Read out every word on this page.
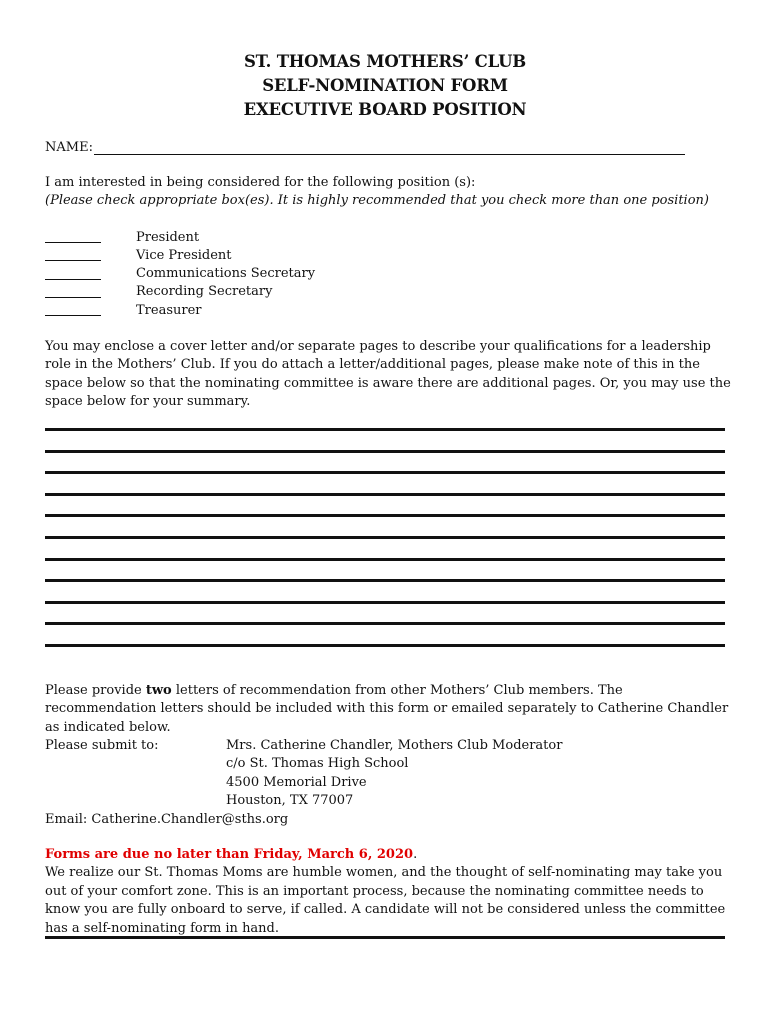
ST. THOMAS MOTHERS’ CLUB
SELF-NOMINATION FORM
EXECUTIVE BOARD POSITION
NAME:
I am interested in being considered for the following position (s):
(Please check appropriate box(es). It is highly recommended that you check more than one position)
President
Vice President
Communications Secretary
Recording Secretary
Treasurer
You may enclose a cover letter and/or separate pages to describe your qualifications for a leadership role in the Mothers’ Club. If you do attach a letter/additional pages, please make note of this in the space below so that the nominating committee is aware there are additional pages. Or, you may use the space below for your summary.
Please provide two letters of recommendation from other Mothers’ Club members. The recommendation letters should be included with this form or emailed separately to Catherine Chandler as indicated below.
Please submit to:	Mrs. Catherine Chandler, Mothers Club Moderator
c/o St. Thomas High School
4500 Memorial Drive
Houston, TX 77007
Email: Catherine.Chandler@sths.org
Forms are due no later than Friday, March 6, 2020.
We realize our St. Thomas Moms are humble women, and the thought of self-nominating may take you out of your comfort zone. This is an important process, because the nominating committee needs to know you are fully onboard to serve, if called. A candidate will not be considered unless the committee has a self-nominating form in hand.
